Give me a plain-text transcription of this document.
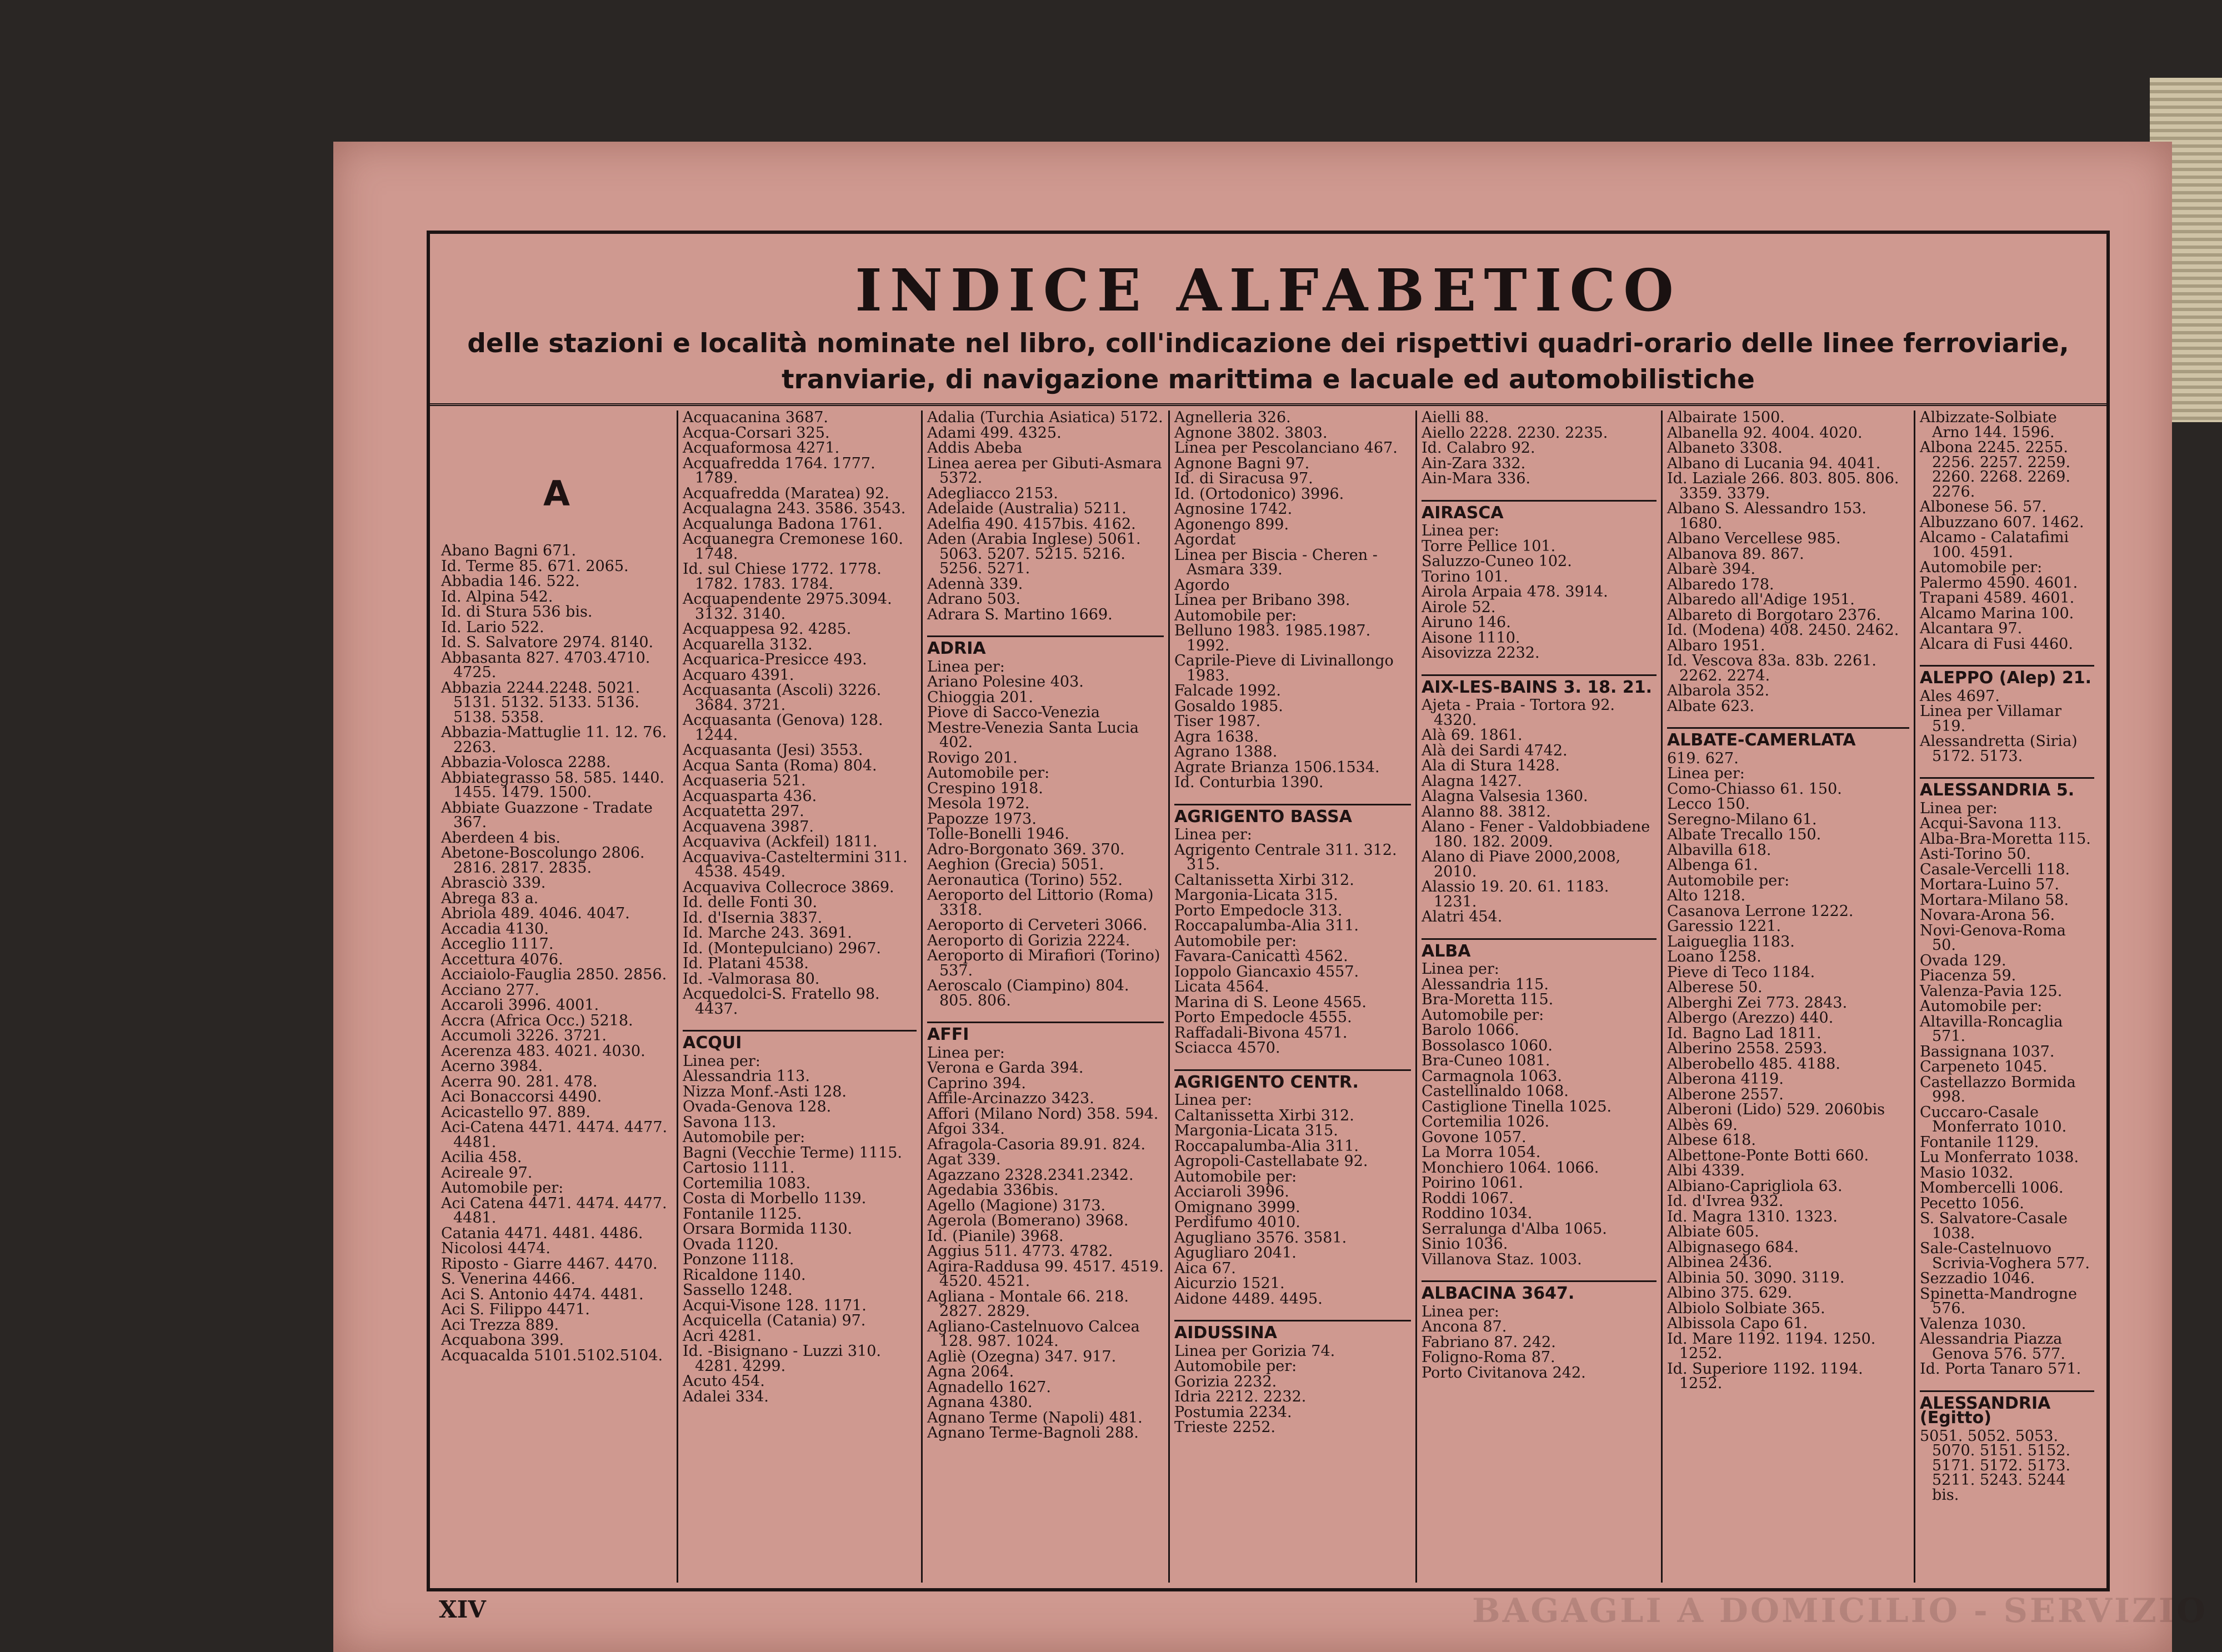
INDICE ALFABETICO
delle stazioni e località nominate nel libro, coll'indicazione dei rispettivi quadri-orario delle linee ferroviarie,
tranviarie, di navigazione marittima e lacuale ed automobilistiche
A
Abano Bagni 671.
Id. Terme 85. 671. 2065.
Abbadia 146. 522.
Id. Alpina 542.
Id. di Stura 536 bis.
Id. Lario 522.
Id. S. Salvatore 2974. 8140.
Abbasanta 827. 4703.4710. 4725.
Abbazia 2244.2248. 5021. 5131. 5132. 5133. 5136. 5138. 5358.
Abbazia-Mattuglie 11. 12. 76. 2263.
Abbazia-Volosca 2288.
Abbiategrasso 58. 585. 1440. 1455. 1479. 1500.
Abbiate Guazzone - Tradate 367.
Aberdeen 4 bis.
Abetone-Boscolungo 2806. 2816. 2817. 2835.
Abrasciò 339.
Abrega 83 a.
Abriola 489. 4046. 4047.
Accadia 4130.
Acceglio 1117.
Accettura 4076.
Acciaiolo-Fauglia 2850. 2856.
Acciano 277.
Accaroli 3996. 4001.
Accra (Africa Occ.) 5218.
Accumoli 3226. 3721.
Acerenza 483. 4021. 4030.
Acerno 3984.
Acerra 90. 281. 478.
Aci Bonaccorsi 4490.
Acicastello 97. 889.
Aci-Catena 4471. 4474. 4477. 4481.
Acilia 458.
Acireale 97.
Automobile per:
Aci Catena 4471. 4474. 4477. 4481.
Catania 4471. 4481. 4486.
Nicolosi 4474.
Riposto - Giarre 4467. 4470.
S. Venerina 4466.
Aci S. Antonio 4474. 4481.
Aci S. Filippo 4471.
Aci Trezza 889.
Acquabona 399.
Acquacalda 5101.5102.5104.
Acquacanina 3687.
Acqua-Corsari 325.
Acquaformosa 4271.
Acquafredda 1764. 1777. 1789.
Acquafredda (Maratea) 92.
Acqualagna 243. 3586. 3543.
Acqualunga Badona 1761.
Acquanegra Cremonese 160. 1748.
Id. sul Chiese 1772. 1778. 1782. 1783. 1784.
Acquapendente 2975.3094. 3132. 3140.
Acquappesa 92. 4285.
Acquarella 3132.
Acquarica-Presicce 493.
Acquaro 4391.
Acquasanta (Ascoli) 3226. 3684. 3721.
Acquasanta (Genova) 128. 1244.
Acquasanta (Jesi) 3553.
Acqua Santa (Roma) 804.
Acquaseria 521.
Acquasparta 436.
Acquatetta 297.
Acquavena 3987.
Acquaviva (Ackfeil) 1811.
Acquaviva-Casteltermini 311. 4538. 4549.
Acquaviva Collecroce 3869.
Id. delle Fonti 30.
Id. d'Isernia 3837.
Id. Marche 243. 3691.
Id. (Montepulciano) 2967.
Id. Platani 4538.
Id. -Valmorasa 80.
Acquedolci-S. Fratello 98. 4437.
ACQUI
Linea per:
Alessandria 113.
Nizza Monf.-Asti 128.
Ovada-Genova 128.
Savona 113.
Automobile per:
Bagni (Vecchie Terme) 1115.
Cartosio 1111.
Cortemilia 1083.
Costa di Morbello 1139.
Fontanile 1125.
Orsara Bormida 1130.
Ovada 1120.
Ponzone 1118.
Ricaldone 1140.
Sassello 1248.
Acqui-Visone 128. 1171.
Acquicella (Catania) 97.
Acri 4281.
Id. -Bisignano - Luzzi 310. 4281. 4299.
Acuto 454.
Adalei 334.
Adalia (Turchia Asiatica) 5172.
Adami 499. 4325.
Addis Abeba
Linea aerea per Gibuti-Asmara 5372.
Adegliacco 2153.
Adelaide (Australia) 5211.
Adelfia 490. 4157bis. 4162.
Aden (Arabia Inglese) 5061. 5063. 5207. 5215. 5216. 5256. 5271.
Adennà 339.
Adrano 503.
Adrara S. Martino 1669.
ADRIA
Linea per:
Ariano Polesine 403.
Chioggia 201.
Piove di Sacco-Venezia
Mestre-Venezia Santa Lucia 402.
Rovigo 201.
Automobile per:
Crespino 1918.
Mesola 1972.
Papozze 1973.
Tolle-Bonelli 1946.
Adro-Borgonato 369. 370.
Aeghion (Grecia) 5051.
Aeronautica (Torino) 552.
Aeroporto del Littorio (Roma) 3318.
Aeroporto di Cerveteri 3066.
Aeroporto di Gorizia 2224.
Aeroporto di Mirafiori (Torino) 537.
Aeroscalo (Ciampino) 804. 805. 806.
AFFI
Linea per:
Verona e Garda 394.
Caprino 394.
Affile-Arcinazzo 3423.
Affori (Milano Nord) 358. 594.
Afgoi 334.
Afragola-Casoria 89.91. 824.
Agat 339.
Agazzano 2328.2341.2342.
Agedabia 336bis.
Agello (Magione) 3173.
Agerola (Bomerano) 3968.
Id. (Pianile) 3968.
Aggius 511. 4773. 4782.
Agira-Raddusa 99. 4517. 4519. 4520. 4521.
Agliana - Montale 66. 218. 2827. 2829.
Agliano-Castelnuovo Calcea 128. 987. 1024.
Agliè (Ozegna) 347. 917.
Agna 2064.
Agnadello 1627.
Agnana 4380.
Agnano Terme (Napoli) 481.
Agnano Terme-Bagnoli 288.
Agnelleria 326.
Agnone 3802. 3803.
Linea per Pescolanciano 467.
Agnone Bagni 97.
Id. di Siracusa 97.
Id. (Ortodonico) 3996.
Agnosine 1742.
Agonengo 899.
Agordat
Linea per Biscia - Cheren - Asmara 339.
Agordo
Linea per Bribano 398.
Automobile per:
Belluno 1983. 1985.1987. 1992.
Caprile-Pieve di Livinallongo 1983.
Falcade 1992.
Gosaldo 1985.
Tiser 1987.
Agra 1638.
Agrano 1388.
Agrate Brianza 1506.1534.
Id. Conturbia 1390.
AGRIGENTO BASSA
Linea per:
Agrigento Centrale 311. 312. 315.
Caltanissetta Xirbi 312.
Margonia-Licata 315.
Porto Empedocle 313.
Roccapalumba-Alia 311.
Automobile per:
Favara-Canicattì 4562.
Ioppolo Giancaxio 4557.
Licata 4564.
Marina di S. Leone 4565.
Porto Empedocle 4555.
Raffadali-Bivona 4571.
Sciacca 4570.
AGRIGENTO CENTR.
Linea per:
Caltanissetta Xirbi 312.
Margonia-Licata 315.
Roccapalumba-Alia 311.
Agropoli-Castellabate 92.
Automobile per:
Acciaroli 3996.
Omignano 3999.
Perdifumo 4010.
Agugliano 3576. 3581.
Agugliaro 2041.
Aica 67.
Aicurzio 1521.
Aidone 4489. 4495.
AIDUSSINA
Linea per Gorizia 74.
Automobile per:
Gorizia 2232.
Idria 2212. 2232.
Postumia 2234.
Trieste 2252.
Aielli 88.
Aiello 2228. 2230. 2235.
Id. Calabro 92.
Ain-Zara 332.
Ain-Mara 336.
AIRASCA
Linea per:
Torre Pellice 101.
Saluzzo-Cuneo 102.
Torino 101.
Airola Arpaia 478. 3914.
Airole 52.
Airuno 146.
Aisone 1110.
Aisovizza 2232.
AIX-LES-BAINS 3. 18. 21.
Ajeta - Praia - Tortora 92. 4320.
Alà 69. 1861.
Alà dei Sardi 4742.
Ala di Stura 1428.
Alagna 1427.
Alagna Valsesia 1360.
Alanno 88. 3812.
Alano - Fener - Valdobbiadene 180. 182. 2009.
Alano di Piave 2000,2008, 2010.
Alassio 19. 20. 61. 1183. 1231.
Alatri 454.
ALBA
Linea per:
Alessandria 115.
Bra-Moretta 115.
Automobile per:
Barolo 1066.
Bossolasco 1060.
Bra-Cuneo 1081.
Carmagnola 1063.
Castellinaldo 1068.
Castiglione Tinella 1025.
Cortemilia 1026.
Govone 1057.
La Morra 1054.
Monchiero 1064. 1066.
Poirino 1061.
Roddi 1067.
Roddino 1034.
Serralunga d'Alba 1065.
Sinio 1036.
Villanova Staz. 1003.
ALBACINA 3647.
Linea per:
Ancona 87.
Fabriano 87. 242.
Foligno-Roma 87.
Porto Civitanova 242.
Albairate 1500.
Albanella 92. 4004. 4020.
Albaneto 3308.
Albano di Lucania 94. 4041.
Id. Laziale 266. 803. 805. 806. 3359. 3379.
Albano S. Alessandro 153. 1680.
Albano Vercellese 985.
Albanova 89. 867.
Albarè 394.
Albaredo 178.
Albaredo all'Adige 1951.
Albareto di Borgotaro 2376.
Id. (Modena) 408. 2450. 2462.
Albaro 1951.
Id. Vescova 83a. 83b. 2261. 2262. 2274.
Albarola 352.
Albate 623.
ALBATE-CAMERLATA
619. 627.
Linea per:
Como-Chiasso 61. 150.
Lecco 150.
Seregno-Milano 61.
Albate Trecallo 150.
Albavilla 618.
Albenga 61.
Automobile per:
Alto 1218.
Casanova Lerrone 1222.
Garessio 1221.
Laigueglia 1183.
Loano 1258.
Pieve di Teco 1184.
Alberese 50.
Alberghi Zei 773. 2843.
Albergo (Arezzo) 440.
Id. Bagno Lad 1811.
Alberino 2558. 2593.
Alberobello 485. 4188.
Alberona 4119.
Alberone 2557.
Alberoni (Lido) 529. 2060bis
Albès 69.
Albese 618.
Albettone-Ponte Botti 660.
Albi 4339.
Albiano-Caprigliola 63.
Id. d'Ivrea 932.
Id. Magra 1310. 1323.
Albiate 605.
Albignasego 684.
Albinea 2436.
Albinia 50. 3090. 3119.
Albino 375. 629.
Albiolo Solbiate 365.
Albissola Capo 61.
Id. Mare 1192. 1194. 1250. 1252.
Id. Superiore 1192. 1194. 1252.
Albizzate-Solbiate Arno 144. 1596.
Albona 2245. 2255. 2256. 2257. 2259. 2260. 2268. 2269. 2276.
Albonese 56. 57.
Albuzzano 607. 1462.
Alcamo - Calatafimi 100. 4591.
Automobile per:
Palermo 4590. 4601.
Trapani 4589. 4601.
Alcamo Marina 100.
Alcantara 97.
Alcara di Fusi 4460.
ALEPPO (Alep) 21.
Ales 4697.
Linea per Villamar 519.
Alessandretta (Siria) 5172. 5173.
ALESSANDRIA 5.
Linea per:
Acqui-Savona 113.
Alba-Bra-Moretta 115.
Asti-Torino 50.
Casale-Vercelli 118.
Mortara-Luino 57.
Mortara-Milano 58.
Novara-Arona 56.
Novi-Genova-Roma 50.
Ovada 129.
Piacenza 59.
Valenza-Pavia 125.
Automobile per:
Altavilla-Roncaglia 571.
Bassignana 1037.
Carpeneto 1045.
Castellazzo Bormida 998.
Cuccaro-Casale Monferrato 1010.
Fontanile 1129.
Lu Monferrato 1038.
Masio 1032.
Mombercelli 1006.
Pecetto 1056.
S. Salvatore-Casale 1038.
Sale-Castelnuovo Scrivia-Voghera 577.
Sezzadio 1046.
Spinetta-Mandrogne 576.
Valenza 1030.
Alessandria Piazza Genova 576. 577.
Id. Porta Tanaro 571.
ALESSANDRIA (Egitto)
5051. 5052. 5053. 5070. 5151. 5152. 5171. 5172. 5173. 5211. 5243. 5244 bis.
XIV	BAGAGLI A DOMICILIO - SERVIZIO
